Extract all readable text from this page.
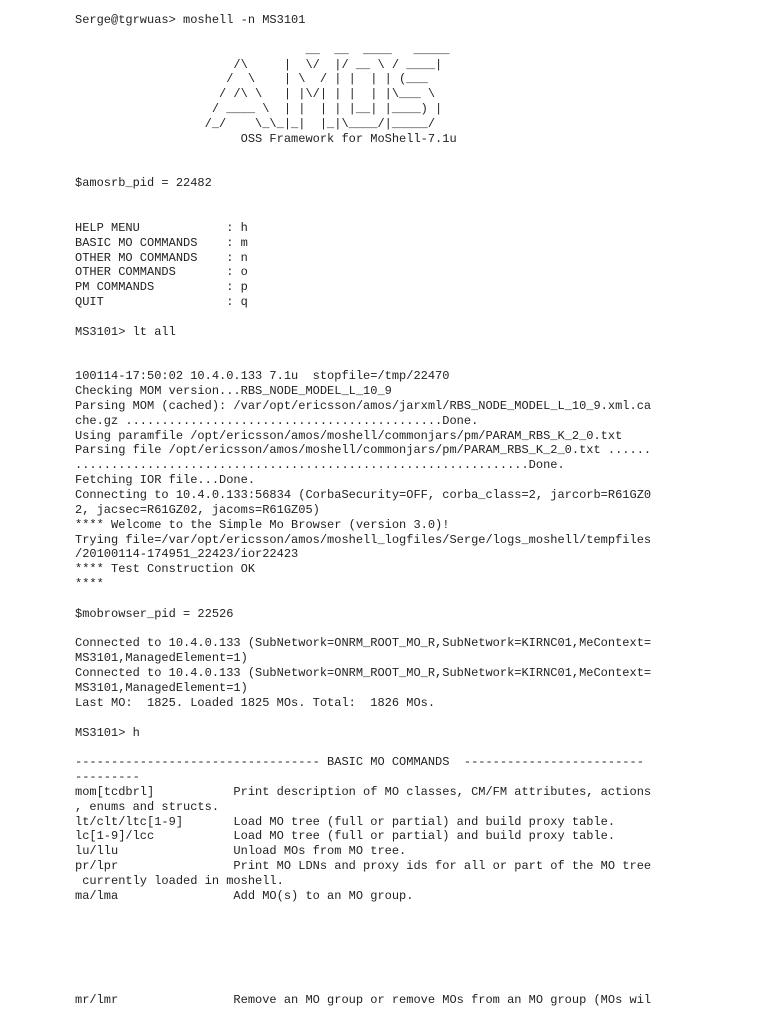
Serge@tgrwuas> moshell -n MS3101
__  __  ____   _____
/\     |  \/  |/ __ \ / ____|
/  \    | \  / | |  | | (___
/ /\ \   | |\/| | |  | |\___ \
/ ____ \  | |  | | |__| |____) |
/_/    \_\_|_|  |_|\____/|_____/
OSS Framework for MoShell-7.1u
$amosrb_pid = 22482
HELP MENU            : h
BASIC MO COMMANDS    : m
OTHER MO COMMANDS    : n
OTHER COMMANDS       : o
PM COMMANDS          : p
QUIT                 : q
MS3101> lt all
100114-17:50:02 10.4.0.133 7.1u  stopfile=/tmp/22470
Checking MOM version...RBS_NODE_MODEL_L_10_9
Parsing MOM (cached): /var/opt/ericsson/amos/jarxml/RBS_NODE_MODEL_L_10_9.xml.ca
che.gz ............................................Done.
Using paramfile /opt/ericsson/amos/moshell/commonjars/pm/PARAM_RBS_K_2_0.txt
Parsing file /opt/ericsson/amos/moshell/commonjars/pm/PARAM_RBS_K_2_0.txt ......
...............................................................Done.
Fetching IOR file...Done.
Connecting to 10.4.0.133:56834 (CorbaSecurity=OFF, corba_class=2, jarcorb=R61GZ0
2, jacsec=R61GZ02, jacoms=R61GZ05)
**** Welcome to the Simple Mo Browser (version 3.0)!
Trying file=/var/opt/ericsson/amos/moshell_logfiles/Serge/logs_moshell/tempfiles
/20100114-174951_22423/ior22423
**** Test Construction OK
****
$mobrowser_pid = 22526
Connected to 10.4.0.133 (SubNetwork=ONRM_ROOT_MO_R,SubNetwork=KIRNC01,MeContext=
MS3101,ManagedElement=1)
Connected to 10.4.0.133 (SubNetwork=ONRM_ROOT_MO_R,SubNetwork=KIRNC01,MeContext=
MS3101,ManagedElement=1)
Last MO:  1825. Loaded 1825 MOs. Total:  1826 MOs.
MS3101> h
---------------------------------- BASIC MO COMMANDS  -------------------------
---------
mom[tcdbrl]           Print description of MO classes, CM/FM attributes, actions
, enums and structs.
lt/clt/ltc[1-9]       Load MO tree (full or partial) and build proxy table.
lc[1-9]/lcc           Load MO tree (full or partial) and build proxy table.
lu/llu                Unload MOs from MO tree.
pr/lpr                Print MO LDNs and proxy ids for all or part of the MO tree
currently loaded in moshell.
ma/lma                Add MO(s) to an MO group.
mr/lmr                Remove an MO group or remove MOs from an MO group (MOs wil
